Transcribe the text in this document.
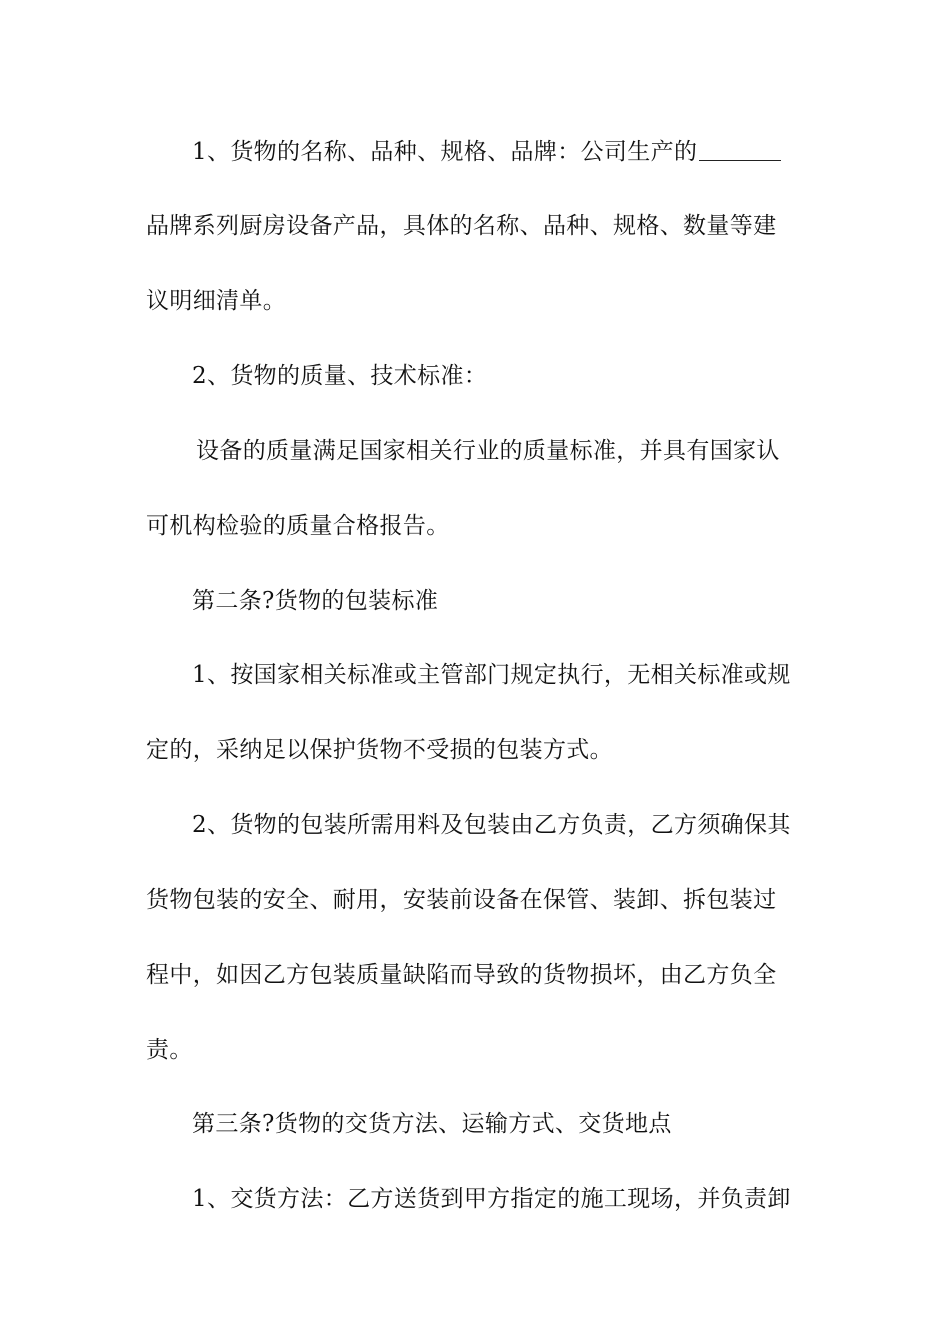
1、货物的名称、品种、规格、品牌：公司生产的
品牌系列厨房设备产品，具体的名称、品种、规格、数量等建
议明细清单。
2、货物的质量、技术标准：
设备的质量满足国家相关行业的质量标准，并具有国家认
可机构检验的质量合格报告。
第二条?货物的包装标准
1、按国家相关标准或主管部门规定执行，无相关标准或规
定的，采纳足以保护货物不受损的包装方式。
2、货物的包装所需用料及包装由乙方负责，乙方须确保其
货物包装的安全、耐用，安装前设备在保管、装卸、拆包装过
程中，如因乙方包装质量缺陷而导致的货物损坏，由乙方负全
责。
第三条?货物的交货方法、运输方式、交货地点
1、交货方法：乙方送货到甲方指定的施工现场，并负责卸
